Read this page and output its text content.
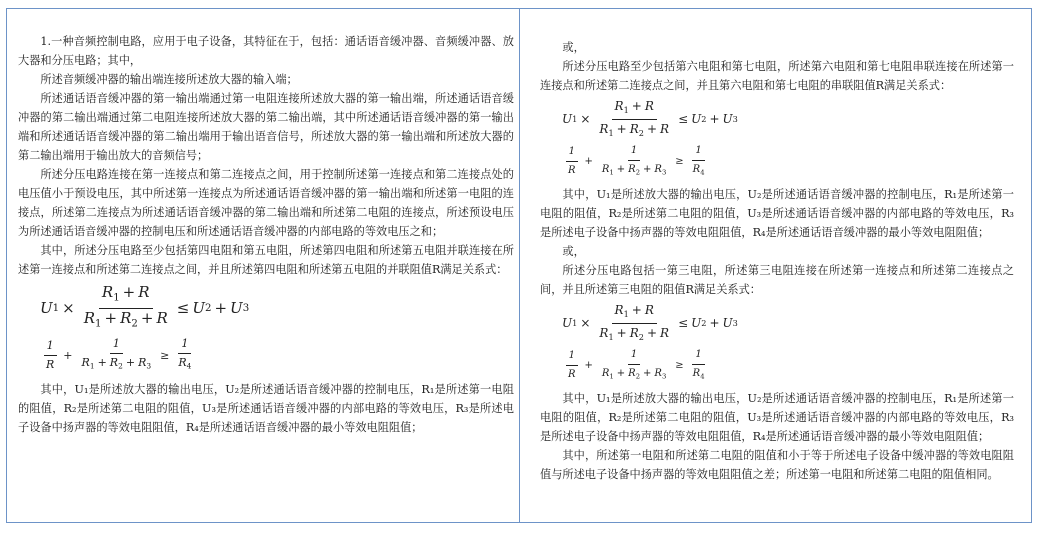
1.一种音频控制电路，应用于电子设备，其特征在于，包括：通话语音缓冲器、音频缓冲器、放大器和分压电路；其中，

所述音频缓冲器的输出端连接所述放大器的输入端；

所述通话语音缓冲器的第一输出端通过第一电阻连接所述放大器的第一输出端，所述通话语音缓冲器的第二输出端通过第二电阻连接所述放大器的第二输出端，其中所述通话语音缓冲器的第一输出端和所述通话语音缓冲器的第二输出端用于输出语音信号，所述放大器的第一输出端和所述放大器的第二输出端用于输出放大的音频信号；

所述分压电路连接在第一连接点和第二连接点之间，用于控制所述第一连接点和第二连接点处的电压值小于预设电压，其中所述第一连接点为所述通话语音缓冲器的第一输出端和所述第一电阻的连接点，所述第二连接点为所述通话语音缓冲器的第二输出端和所述第二电阻的连接点，所述预设电压为所述通话语音缓冲器的控制电压和所述通话语音缓冲器的内部电路的等效电压之和；

其中，所述分压电路至少包括第四电阻和第五电阻，所述第四电阻和所述第五电阻并联连接在所述第一连接点和所述第二连接点之间，并且所述第四电阻和所述第五电阻的并联阻值R满足关系式：

U $1 \times \frac{R_1 + R}{R_1 + R_2 + R} \le U$ 2 + U 3
$\frac{1}{R} + \frac{1}{R_1 + R_2 + R_3} \ge \frac{1}{R_4}$

其中，U₁是所述放大器的输出电压，U₂是所述通话语音缓冲器的控制电压，R₁是所述第一电阻的阻值，R₂是所述第二电阻的阻值，U₃是所述通话语音缓冲器的内部电路的等效电压，R₃是所述电子设备中扬声器的等效电阻阻值，R₄是所述通话语音缓冲器的最小等效电阻阻值；

或，

所述分压电路至少包括第六电阻和第七电阻，所述第六电阻和第七电阻串联连接在所述第一连接点和所述第二连接点之间，并且第六电阻和第七电阻的串联阻值R满足关系式：

U $1 \times \frac{R_1 + R}{R_1 + R_2 + R} \le U$ 2 + U 3
$\frac{1}{R} + \frac{1}{R_1 + R_2 + R_3} \ge \frac{1}{R_4}$

其中，U₁是所述放大器的输出电压，U₂是所述通话语音缓冲器的控制电压，R₁是所述第一电阻的阻值，R₂是所述第二电阻的阻值，U₃是所述通话语音缓冲器的内部电路的等效电压，R₃是所述电子设备中扬声器的等效电阻阻值，R₄是所述通话语音缓冲器的最小等效电阻阻值；

或，

所述分压电路包括一第三电阻，所述第三电阻连接在所述第一连接点和所述第二连接点之间，并且所述第三电阻的阻值R满足关系式：

U $1 \times \frac{R_1 + R}{R_1 + R_2 + R} \le U$ 2 + U 3
$\frac{1}{R} + \frac{1}{R_1 + R_2 + R_3} \ge \frac{1}{R_4}$

其中，U₁是所述放大器的输出电压，U₂是所述通话语音缓冲器的控制电压，R₁是所述第一电阻的阻值，R₂是所述第二电阻的阻值，U₃是所述通话语音缓冲器的内部电路的等效电压，R₃是所述电子设备中扬声器的等效电阻阻值，R₄是所述通话语音缓冲器的最小等效电阻阻值；

其中，所述第一电阻和所述第二电阻的阻值和小于等于所述电子设备中缓冲器的等效电阻阻值与所述电子设备中扬声器的等效电阻阻值之差；所述第一电阻和所述第二电阻的阻值相同。
